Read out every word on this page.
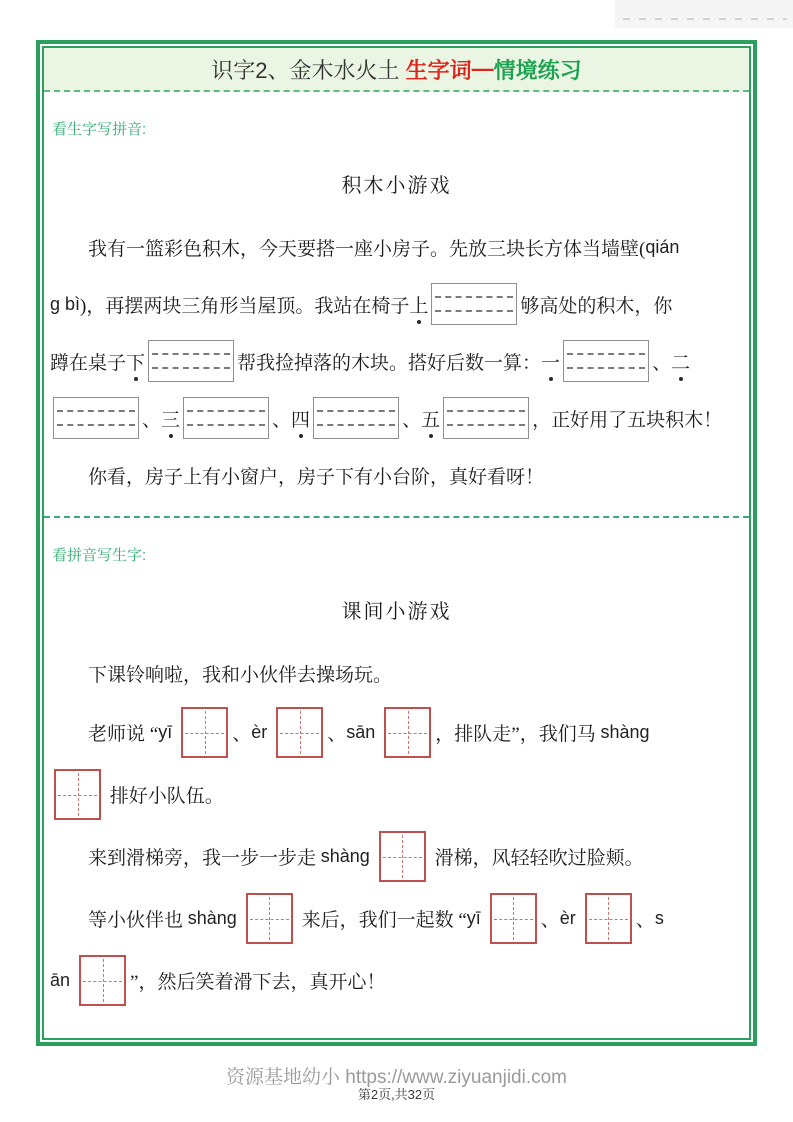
识字2、金木水火土 生字词 — 情境练习
看生字写拼音:
积木小游戏
我有一篮彩色积木，今天要搭一座小房子。先放三块长方体当墙壁( qián
g bì )，再摆两块三角形当屋顶。我站在椅子 上	够高处的积木，你
蹲在桌子 下	帮我捡掉落的木块。搭好后数一算： 一	、 二
、 三	、 四	、 五	，正好用了五块积木！
你看，房子上有小窗户，房子下有小台阶，真好看呀！
看拼音写生字:
课间小游戏
下课铃响啦，我和小伙伴去操场玩。
老师说 “ yī	、 èr	、 sān	，排队走”，我们马 shàng
排好小队伍。
来到滑梯旁，我一步一步走 shàng	滑梯，风轻轻吹过脸颊。
等小伙伴也 shàng	来后，我们一起数 “ yī	、 èr	、 s
ān	”，然后笑着滑下去，真开心！
资源基地幼小 https://www.ziyuanjidi.com
第2页,共32页
